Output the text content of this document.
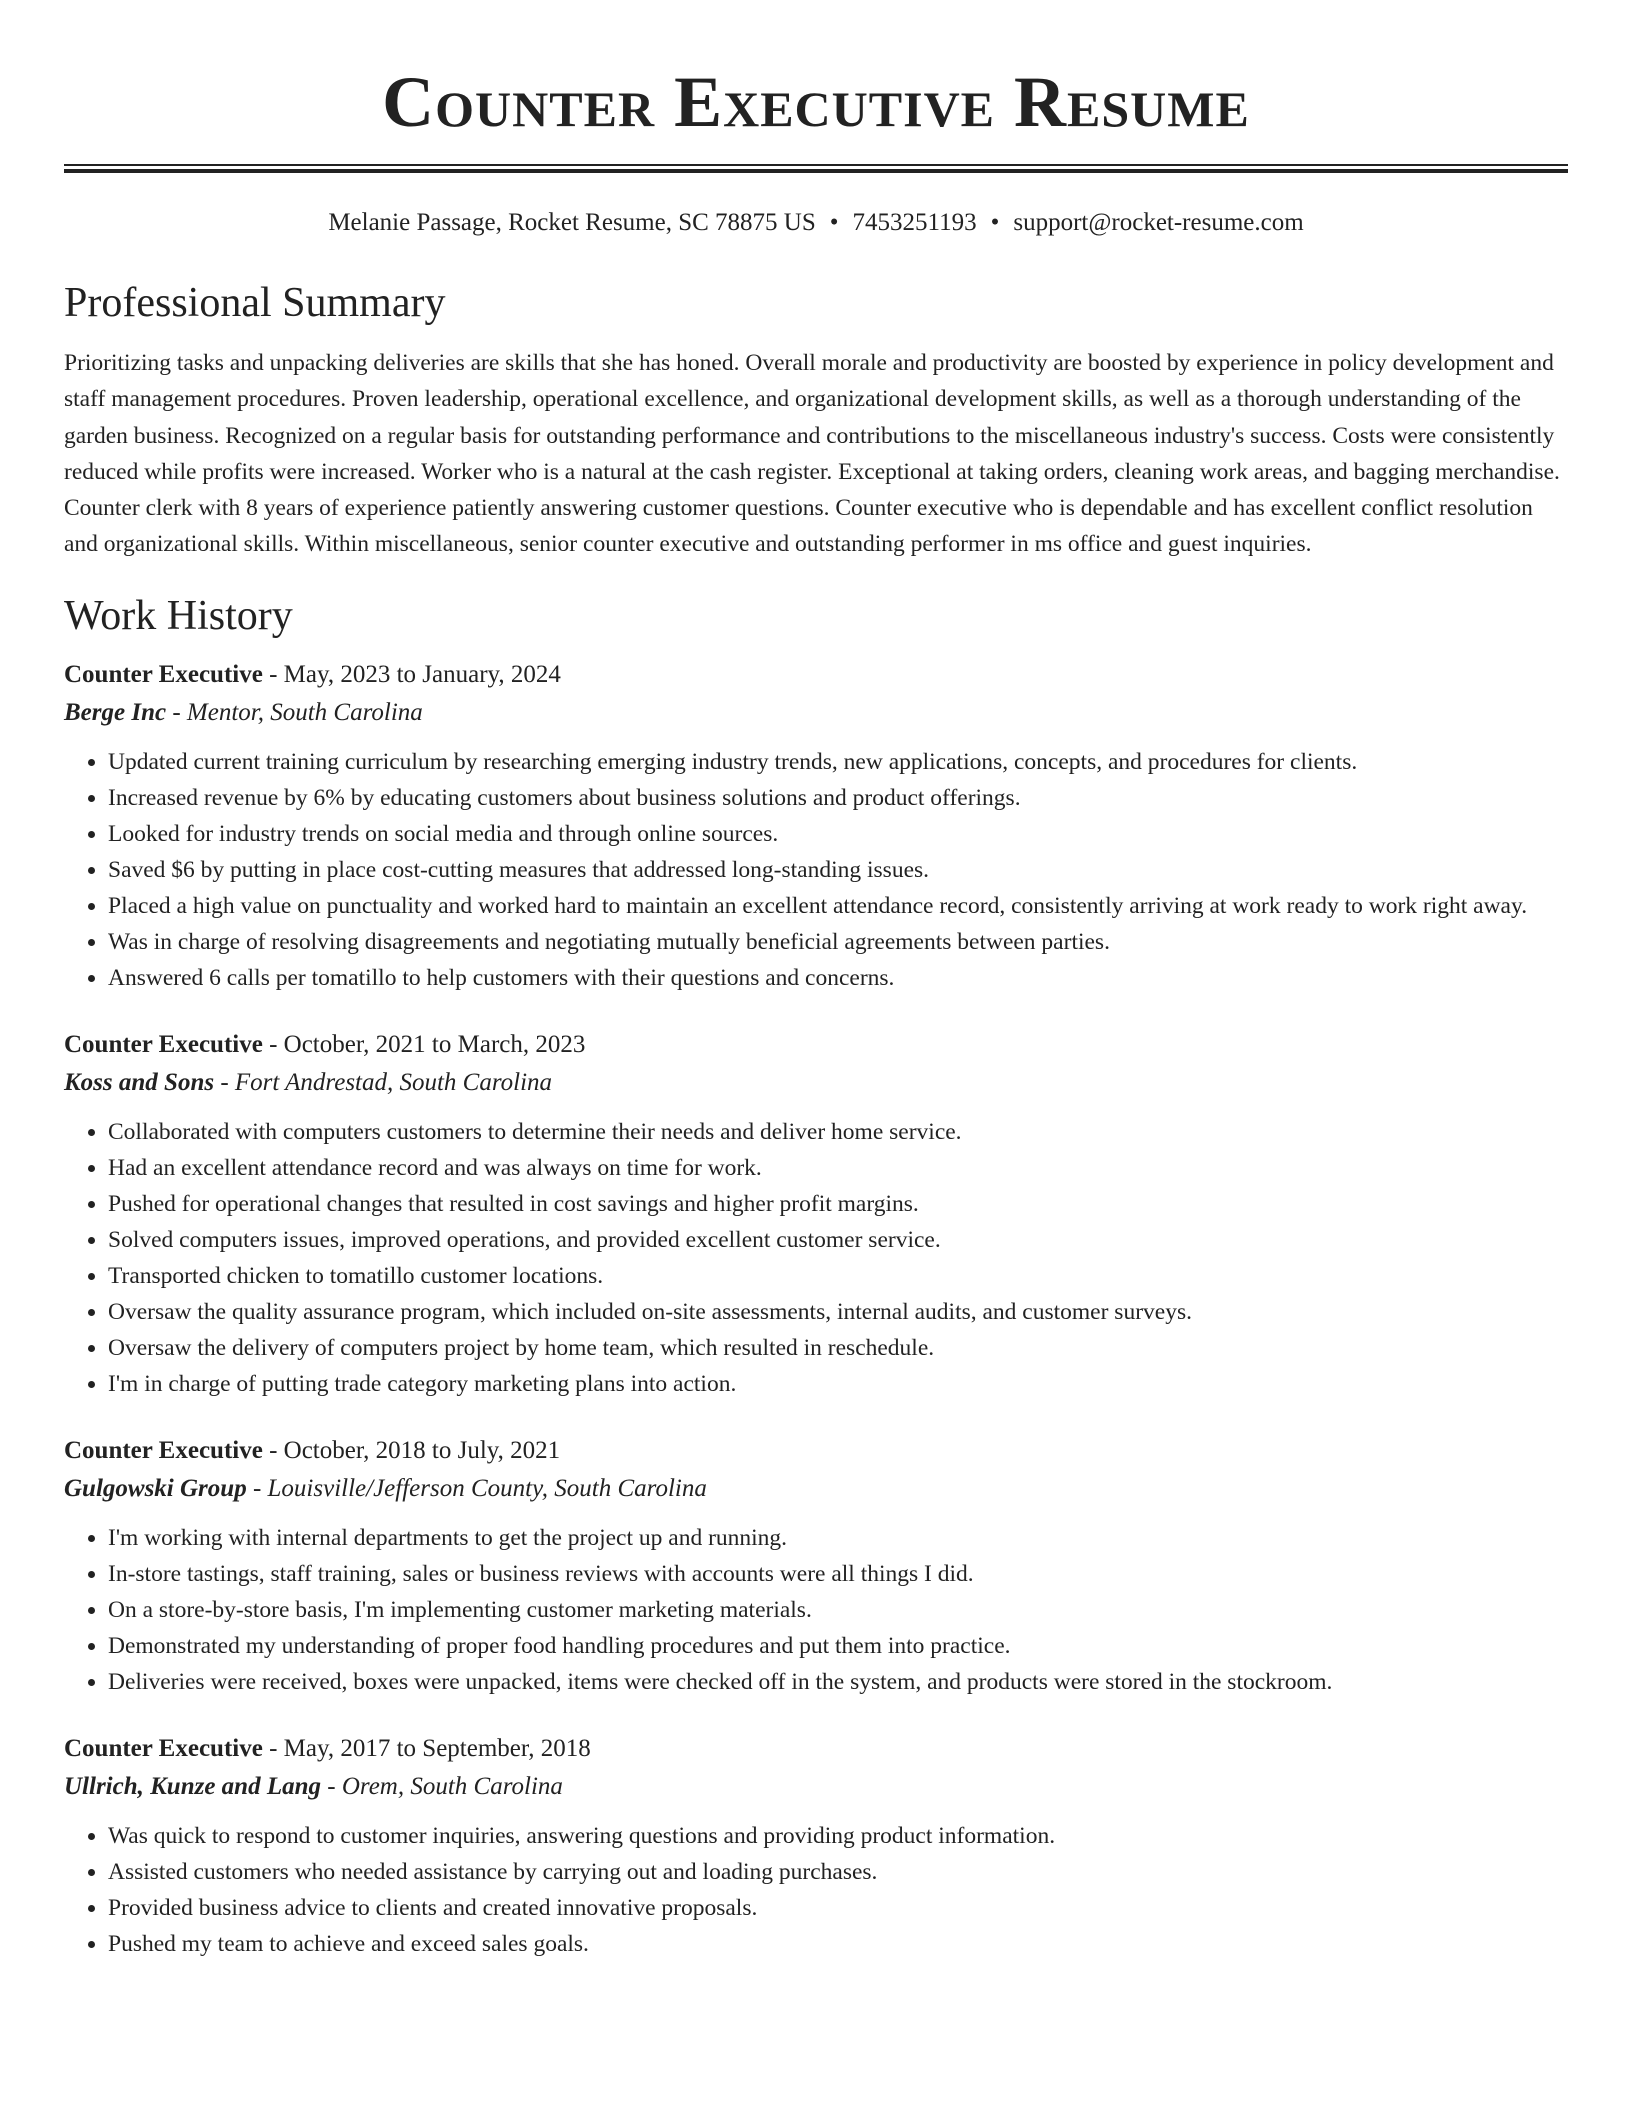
Counter Executive Resume
Melanie Passage, Rocket Resume, SC 78875 US • 7453251193 • support@rocket-resume.com
Professional Summary

Prioritizing tasks and unpacking deliveries are skills that she has honed. Overall morale and productivity are boosted by experience in policy development and staff management procedures. Proven leadership, operational excellence, and organizational development skills, as well as a thorough understanding of the garden business. Recognized on a regular basis for outstanding performance and contributions to the miscellaneous industry's success. Costs were consistently reduced while profits were increased. Worker who is a natural at the cash register. Exceptional at taking orders, cleaning work areas, and bagging merchandise. Counter clerk with 8 years of experience patiently answering customer questions. Counter executive who is dependable and has excellent conflict resolution and organizational skills. Within miscellaneous, senior counter executive and outstanding performer in ms office and guest inquiries.

Work History
Counter Executive - May, 2023 to January, 2024
Berge Inc - Mentor, South Carolina
• Updated current training curriculum by researching emerging industry trends, new applications, concepts, and procedures for clients.
• Increased revenue by 6% by educating customers about business solutions and product offerings.
• Looked for industry trends on social media and through online sources.
• Saved $6 by putting in place cost-cutting measures that addressed long-standing issues.
• Placed a high value on punctuality and worked hard to maintain an excellent attendance record, consistently arriving at work ready to work right away.
• Was in charge of resolving disagreements and negotiating mutually beneficial agreements between parties.
• Answered 6 calls per tomatillo to help customers with their questions and concerns.
Counter Executive - October, 2021 to March, 2023
Koss and Sons - Fort Andrestad, South Carolina
• Collaborated with computers customers to determine their needs and deliver home service.
• Had an excellent attendance record and was always on time for work.
• Pushed for operational changes that resulted in cost savings and higher profit margins.
• Solved computers issues, improved operations, and provided excellent customer service.
• Transported chicken to tomatillo customer locations.
• Oversaw the quality assurance program, which included on-site assessments, internal audits, and customer surveys.
• Oversaw the delivery of computers project by home team, which resulted in reschedule.
• I'm in charge of putting trade category marketing plans into action.
Counter Executive - October, 2018 to July, 2021
Gulgowski Group - Louisville/Jefferson County, South Carolina
• I'm working with internal departments to get the project up and running.
• In-store tastings, staff training, sales or business reviews with accounts were all things I did.
• On a store-by-store basis, I'm implementing customer marketing materials.
• Demonstrated my understanding of proper food handling procedures and put them into practice.
• Deliveries were received, boxes were unpacked, items were checked off in the system, and products were stored in the stockroom.
Counter Executive - May, 2017 to September, 2018
Ullrich, Kunze and Lang - Orem, South Carolina
• Was quick to respond to customer inquiries, answering questions and providing product information.
• Assisted customers who needed assistance by carrying out and loading purchases.
• Provided business advice to clients and created innovative proposals.
• Pushed my team to achieve and exceed sales goals.
